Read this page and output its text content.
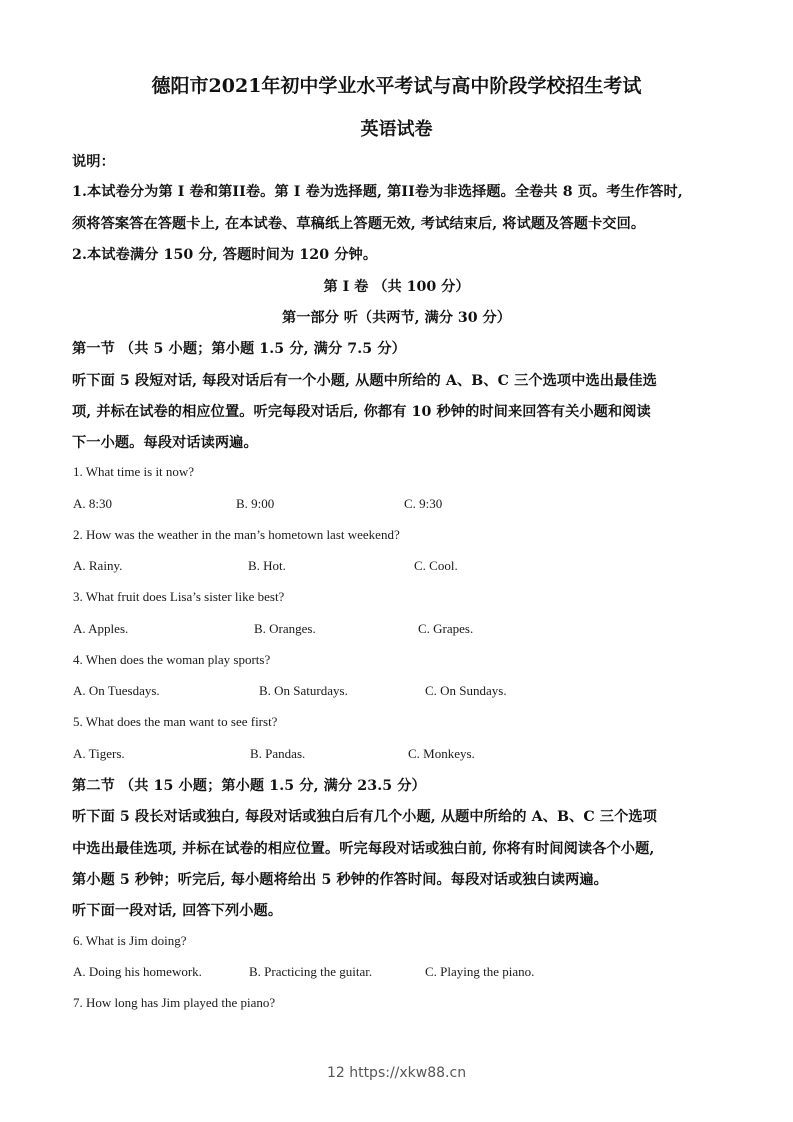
德阳市2021年初中学业水平考试与高中阶段学校招生考试
英语试卷
说明：
1.本试卷分为第 I 卷和第II卷。第 I 卷为选择题, 第II卷为非选择题。全卷共 8 页。考生作答时,
须将答案答在答题卡上, 在本试卷、草稿纸上答题无效, 考试结束后, 将试题及答题卡交回。
2.本试卷满分 150 分, 答题时间为 120 分钟。
第 I 卷 （共 100 分）
第一部分 听（共两节, 满分 30 分）
第一节 （共 5 小题；第小题 1.5 分, 满分 7.5 分）
听下面 5 段短对话, 每段对话后有一个小题, 从题中所给的 A、B、C 三个选项中选出最佳选
项, 并标在试卷的相应位置。听完每段对话后, 你都有 10 秒钟的时间来回答有关小题和阅读
下一小题。每段对话读两遍。
1. What time is it now?
A. 8:30	B. 9:00	C. 9:30
2. How was the weather in the man’s hometown last weekend?
A. Rainy.	B. Hot.	C. Cool.
3. What fruit does Lisa’s sister like best?
A. Apples.	B. Oranges.	C. Grapes.
4. When does the woman play sports?
A. On Tuesdays.	B. On Saturdays.	C. On Sundays.
5. What does the man want to see first?
A. Tigers.	B. Pandas.	C. Monkeys.
第二节 （共 15 小题；第小题 1.5 分, 满分 23.5 分）
听下面 5 段长对话或独白, 每段对话或独白后有几个小题, 从题中所给的 A、B、C 三个选项
中选出最佳选项, 并标在试卷的相应位置。听完每段对话或独白前, 你将有时间阅读各个小题,
第小题 5 秒钟；听完后, 每小题将给出 5 秒钟的作答时间。每段对话或独白读两遍。
听下面一段对话, 回答下列小题。
6. What is Jim doing?
A. Doing his homework.	B. Practicing the guitar.	C. Playing the piano.
7. How long has Jim played the piano?
12 https://xkw88.cn
